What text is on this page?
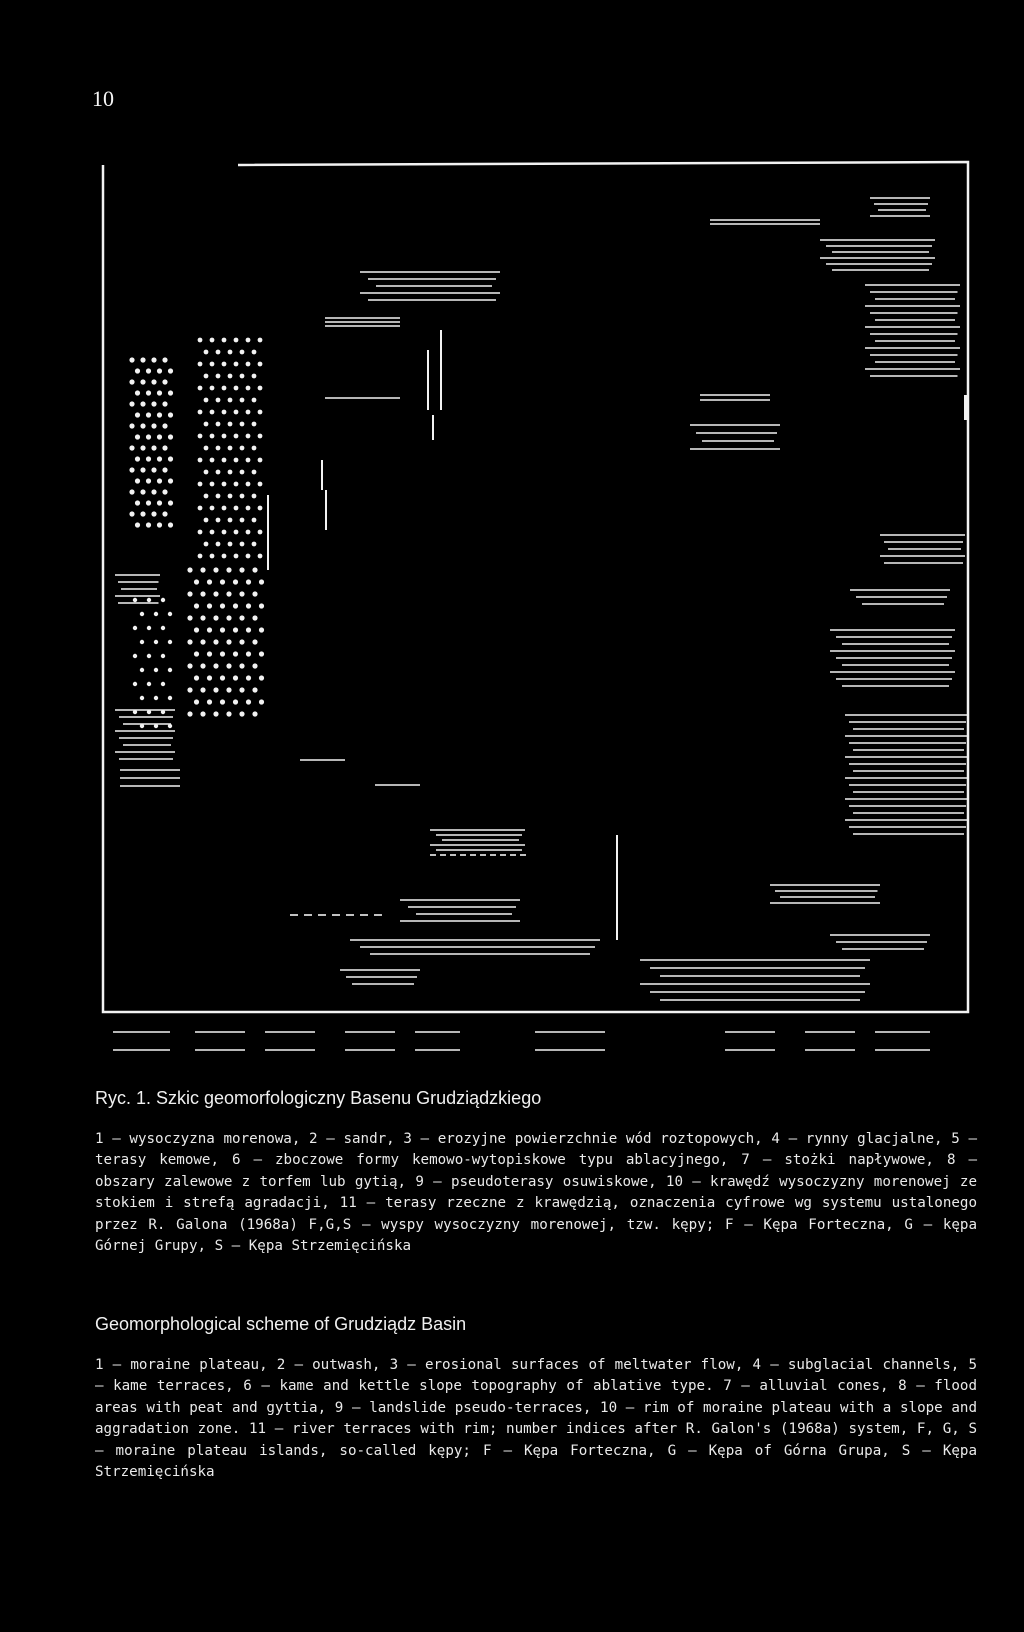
10
Ryc. 1. Szkic geomorfologiczny Basenu Grudziądzkiego

1 — wysoczyzna morenowa, 2 — sandr, 3 — erozyjne powierzchnie wód roztopowych, 4 — rynny glacjalne, 5 — terasy kemowe, 6 — zboczowe formy kemowo-wytopiskowe typu ablacyjnego, 7 — stożki napływowe, 8 — obszary zalewowe z torfem lub gytią, 9 — pseudoterasy osuwiskowe, 10 — krawędź wysoczyzny morenowej ze stokiem i strefą agradacji, 11 — terasy rzeczne z krawędzią, oznaczenia cyfrowe wg systemu ustalonego przez R. Galona (1968a) F,G,S — wyspy wysoczyzny morenowej, tzw. kępy; F — Kępa Forteczna, G — kępa Górnej Grupy, S — Kępa Strzemięcińska

Geomorphological scheme of Grudziądz Basin

1 — moraine plateau, 2 — outwash, 3 — erosional surfaces of meltwater flow, 4 — subglacial channels, 5 — kame terraces, 6 — kame and kettle slope topography of ablative type. 7 — alluvial cones, 8 — flood areas with peat and gyttia, 9 — landslide pseudo-terraces, 10 — rim of moraine plateau with a slope and aggradation zone. 11 — river terraces with rim; number indices after R. Galon's (1968a) system, F, G, S — moraine plateau islands, so-called kępy; F — Kępa Forteczna, G — Kępa of Górna Grupa, S — Kępa Strzemięcińska
